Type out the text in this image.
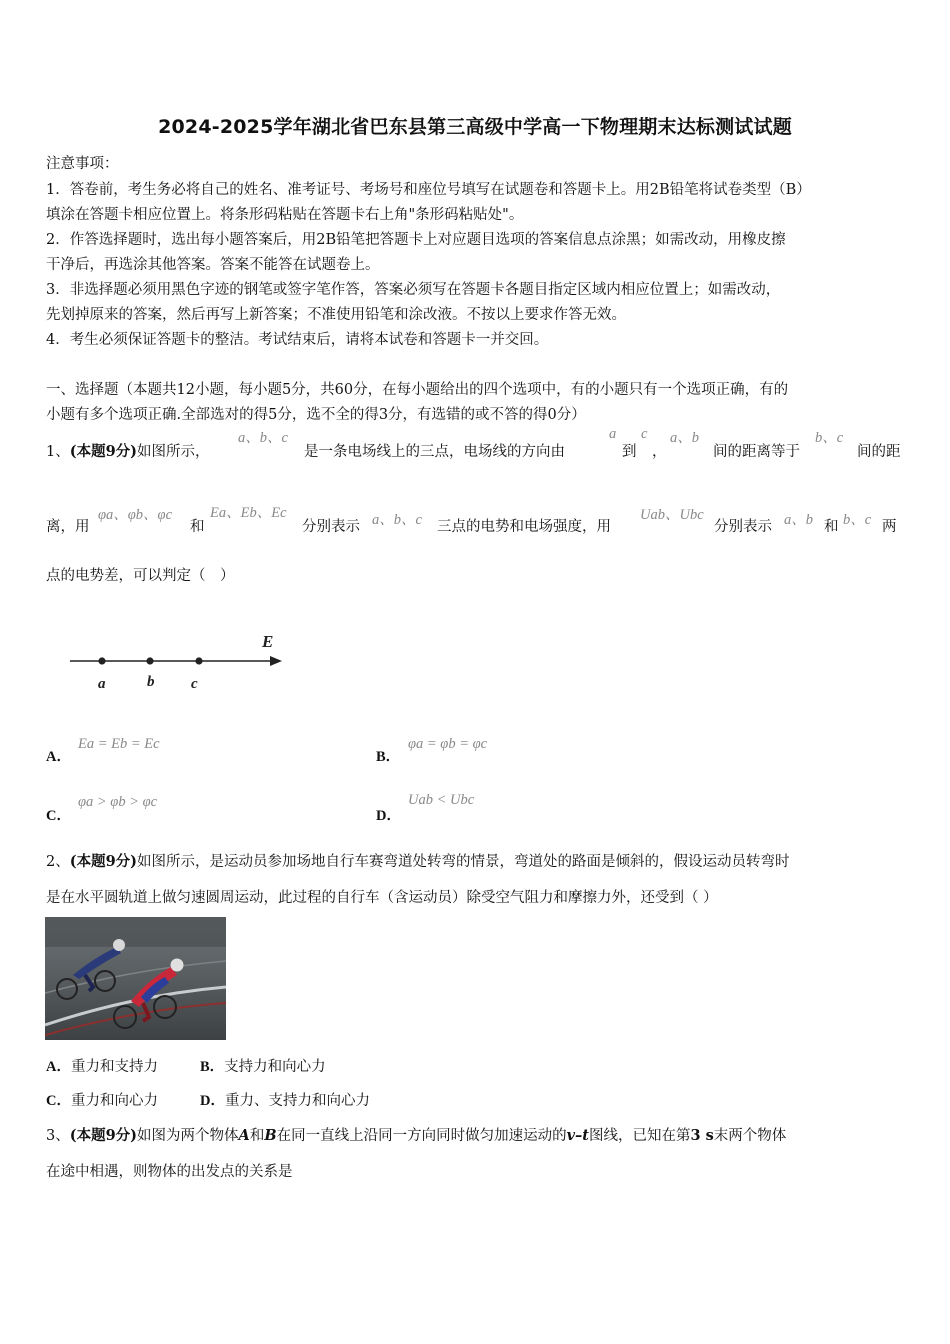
2024-2025学年湖北省巴东县第三高级中学高一下物理期末达标测试试题
注意事项：
1．答卷前，考生务必将自己的姓名、准考证号、考场号和座位号填写在试题卷和答题卡上。用2B铅笔将试卷类型（B）
填涂在答题卡相应位置上。将条形码粘贴在答题卡右上角"条形码粘贴处"。
2．作答选择题时，选出每小题答案后，用2B铅笔把答题卡上对应题目选项的答案信息点涂黑；如需改动，用橡皮擦
干净后，再选涂其他答案。答案不能答在试题卷上。
3．非选择题必须用黑色字迹的钢笔或签字笔作答，答案必须写在答题卡各题目指定区域内相应位置上；如需改动，
先划掉原来的答案，然后再写上新答案；不准使用铅笔和涂改液。不按以上要求作答无效。
4．考生必须保证答题卡的整洁。考试结束后，请将本试卷和答题卡一并交回。
一、选择题（本题共12小题，每小题5分，共60分，在每小题给出的四个选项中，有的小题只有一个选项正确，有的
小题有多个选项正确.全部选对的得5分，选不全的得3分，有选错的或不答的得0分）
1、(本题9分)如图所示，
a、b、c
是一条电场线上的三点，电场线的方向由
a
到
c
，
a、b
间的距离等于
b、c
间的距
离，用
φa、φb、φc
和
Ea、Eb、Ec
分别表示 a、b、c 三点的电势和电场强度，用
Uab、Ubc
分别表示 a、b 和 b、c 两
点的电势差，可以判定（　）
E
a	b c
A．
Ea = Eb = Ec
B．
φa = φb = φc
C．
φa > φb > φc
D．
Uab < Ubc
2、(本题9分)如图所示，是运动员参加场地自行车赛弯道处转弯的情景，弯道处的路面是倾斜的，假设运动员转弯时
是在水平圆轨道上做匀速圆周运动，此过程的自行车（含运动员）除受空气阻力和摩擦力外，还受到（ ）
A．重力和支持力	B．支持力和向心力
C．重力和向心力	D．重力、支持力和向心力
3、(本题9分)如图为两个物体A和B在同一直线上沿同一方向同时做匀加速运动的v–t图线，已知在第3 s末两个物体
在途中相遇，则物体的出发点的关系是
